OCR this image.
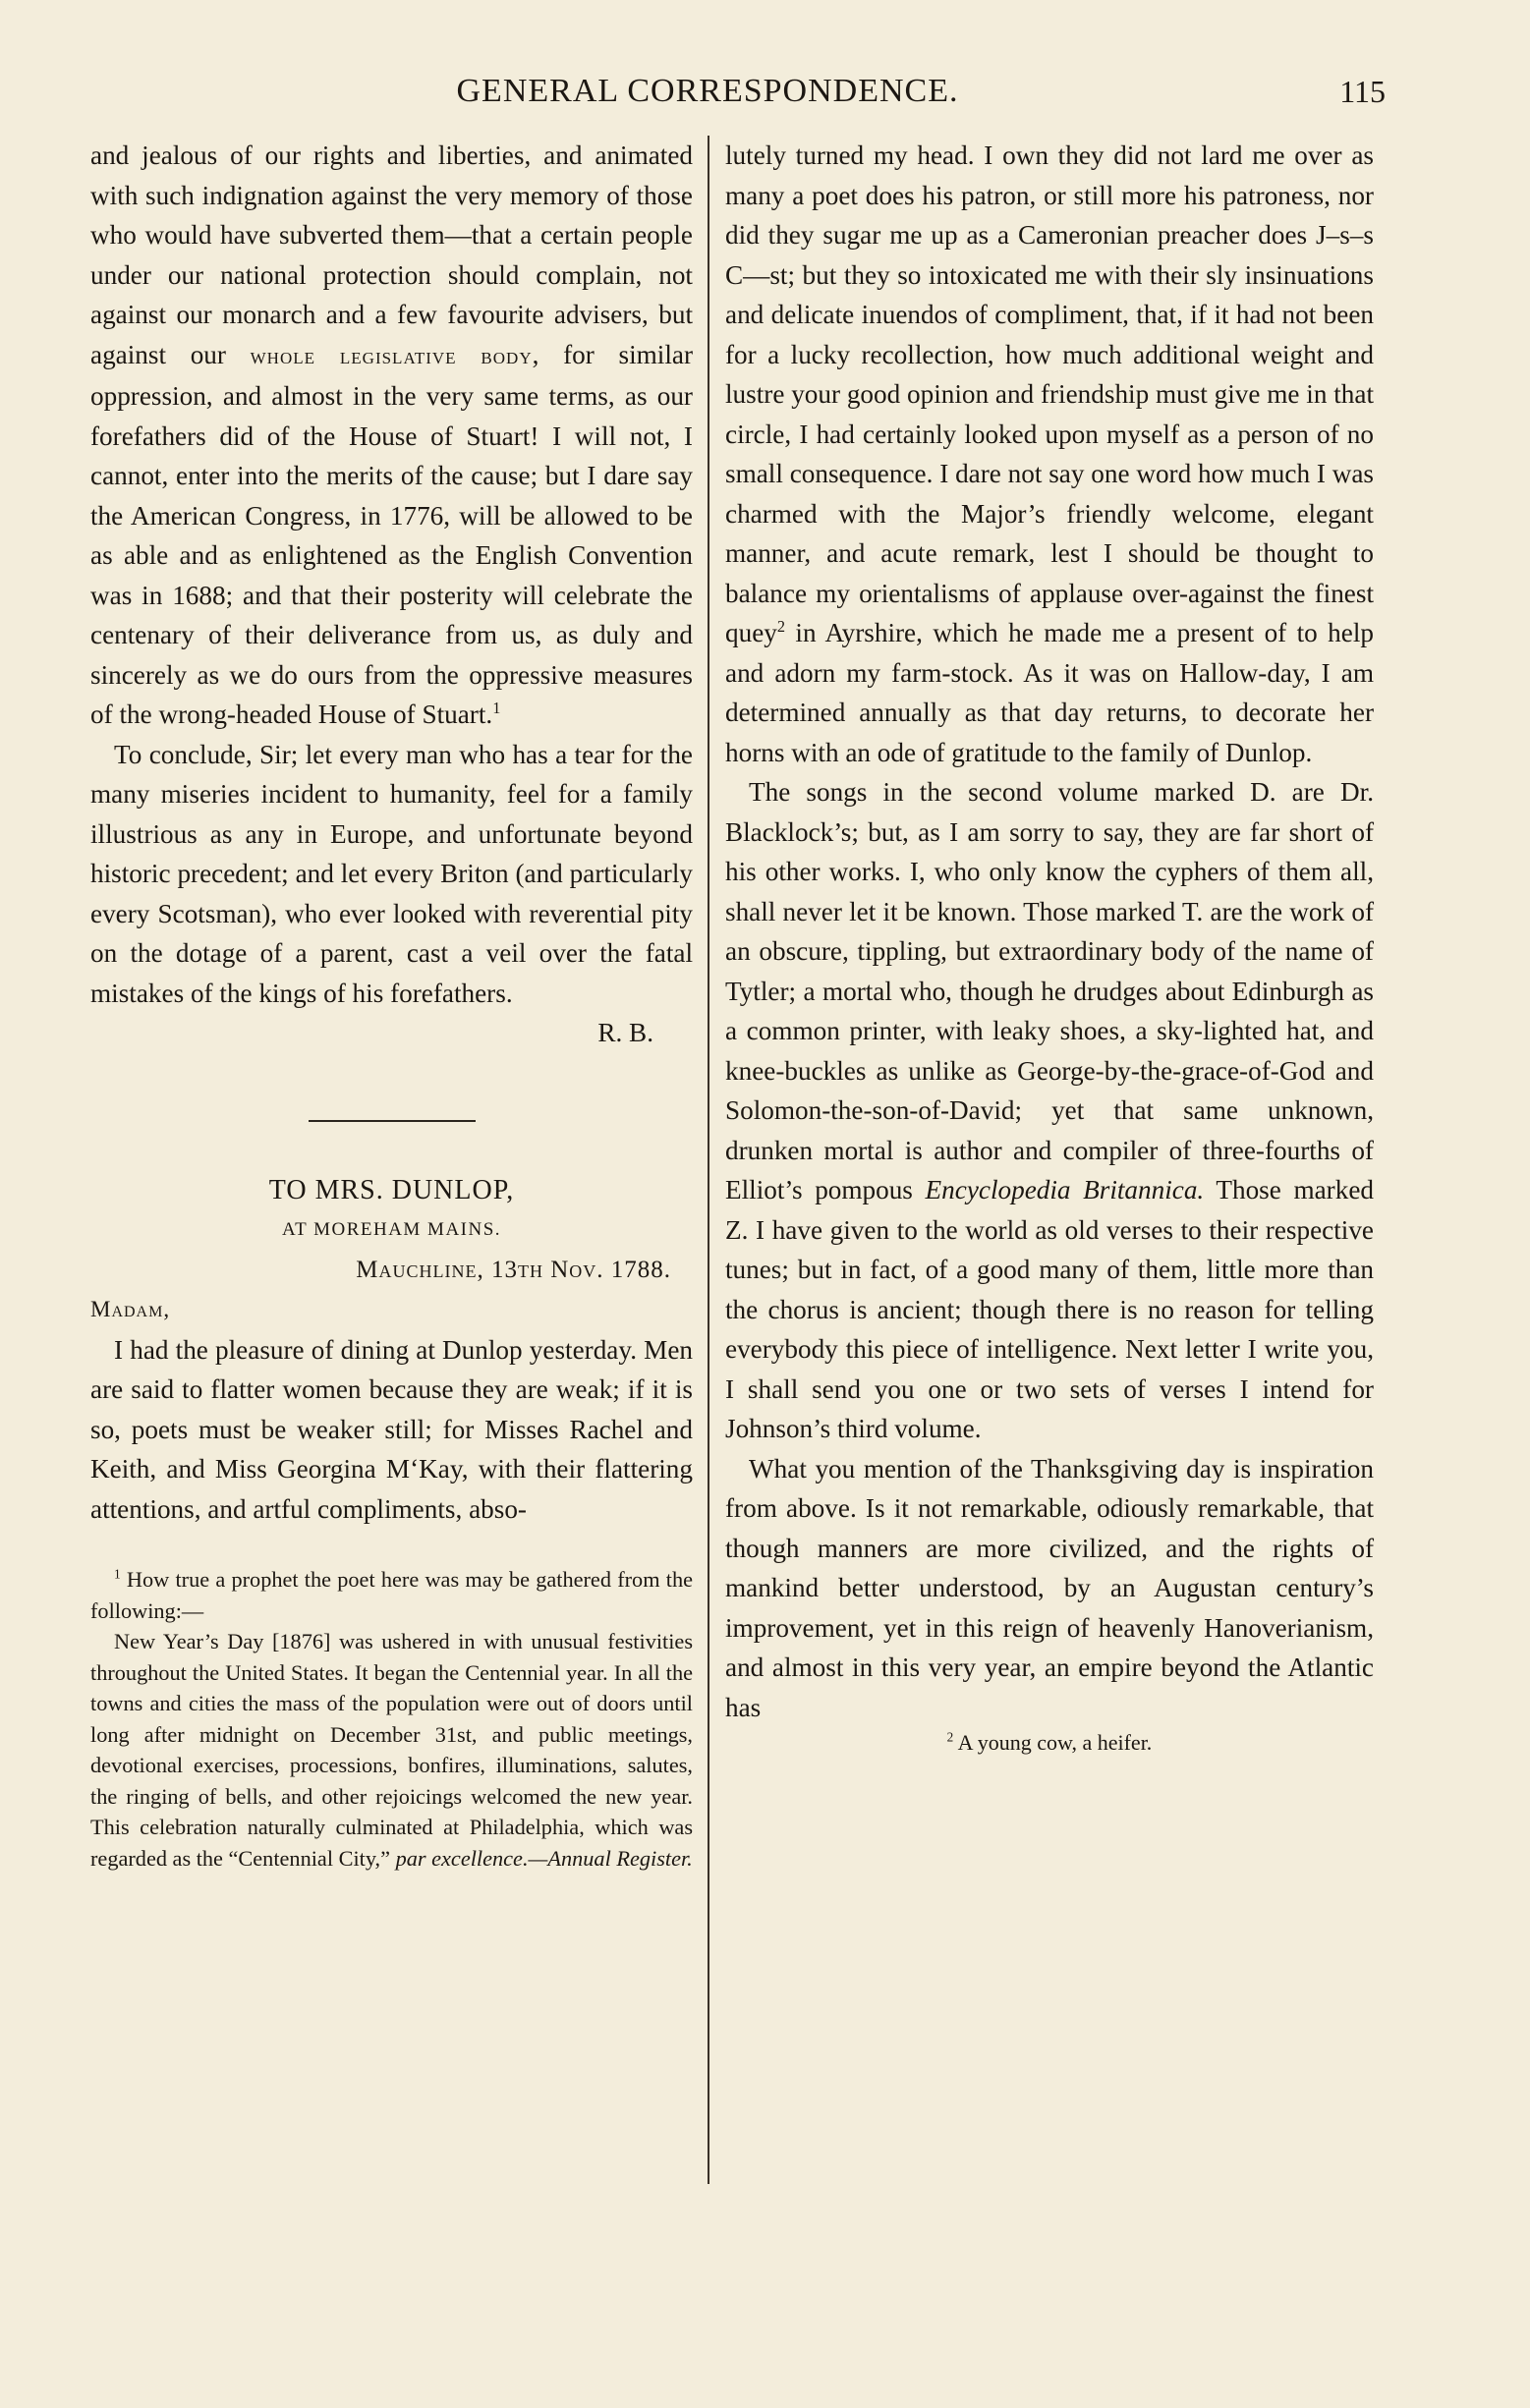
GENERAL CORRESPONDENCE.	115

and jealous of our rights and liberties, and animated with such indignation against the very memory of those who would have subverted them—that a certain people under our national protection should complain, not against our monarch and a few favourite advisers, but against our whole legislative body, for similar oppression, and almost in the very same terms, as our forefathers did of the House of Stuart! I will not, I cannot, enter into the merits of the cause; but I dare say the American Congress, in 1776, will be allowed to be as able and as enlightened as the English Convention was in 1688; and that their posterity will celebrate the centenary of their deliverance from us, as duly and sincerely as we do ours from the oppressive measures of the wrong-headed House of Stuart.$^1$

To conclude, Sir; let every man who has a tear for the many miseries incident to humanity, feel for a family illustrious as any in Europe, and unfortunate beyond historic precedent; and let every Briton (and particularly every Scotsman), who ever looked with reverential pity on the dotage of a parent, cast a veil over the fatal mistakes of the kings of his forefathers.

R. B.

TO MRS. DUNLOP,

AT MOREHAM MAINS.

Mauchline, 13th Nov. 1788.

Madam,

I had the pleasure of dining at Dunlop yesterday. Men are said to flatter women because they are weak; if it is so, poets must be weaker still; for Misses Rachel and Keith, and Miss Georgina M‘Kay, with their flattering attentions, and artful compliments, abso-

$^1$ How true a prophet the poet here was may be gathered from the following:—

New Year’s Day [1876] was ushered in with unusual festivities throughout the United States. It began the Centennial year. In all the towns and cities the mass of the population were out of doors until long after midnight on December 31st, and public meetings, devotional exercises, processions, bonfires, illuminations, salutes, the ringing of bells, and other rejoicings welcomed the new year. This celebration naturally culminated at Philadelphia, which was regarded as the “Centennial City,” par excellence.—Annual Register.

lutely turned my head. I own they did not lard me over as many a poet does his patron, or still more his patroness, nor did they sugar me up as a Cameronian preacher does J–s–s C—st; but they so intoxicated me with their sly insinuations and delicate inuendos of compliment, that, if it had not been for a lucky recollection, how much additional weight and lustre your good opinion and friendship must give me in that circle, I had certainly looked upon myself as a person of no small consequence. I dare not say one word how much I was charmed with the Major’s friendly welcome, elegant manner, and acute remark, lest I should be thought to balance my orientalisms of applause over-against the finest quey$^2$ in Ayrshire, which he made me a present of to help and adorn my farm-stock. As it was on Hallow-day, I am determined annually as that day returns, to decorate her horns with an ode of gratitude to the family of Dunlop.

The songs in the second volume marked D. are Dr. Blacklock’s; but, as I am sorry to say, they are far short of his other works. I, who only know the cyphers of them all, shall never let it be known. Those marked T. are the work of an obscure, tippling, but extraordinary body of the name of Tytler; a mortal who, though he drudges about Edinburgh as a common printer, with leaky shoes, a sky-lighted hat, and knee-buckles as unlike as George-by-the-grace-of-God and Solomon-the-son-of-David; yet that same unknown, drunken mortal is author and compiler of three-fourths of Elliot’s pompous Encyclopedia Britannica. Those marked Z. I have given to the world as old verses to their respective tunes; but in fact, of a good many of them, little more than the chorus is ancient; though there is no reason for telling everybody this piece of intelligence. Next letter I write you, I shall send you one or two sets of verses I intend for Johnson’s third volume.

What you mention of the Thanksgiving day is inspiration from above. Is it not remarkable, odiously remarkable, that though manners are more civilized, and the rights of mankind better understood, by an Augustan century’s improvement, yet in this reign of heavenly Hanoverianism, and almost in this very year, an empire beyond the Atlantic has

$^2$ A young cow, a heifer.
